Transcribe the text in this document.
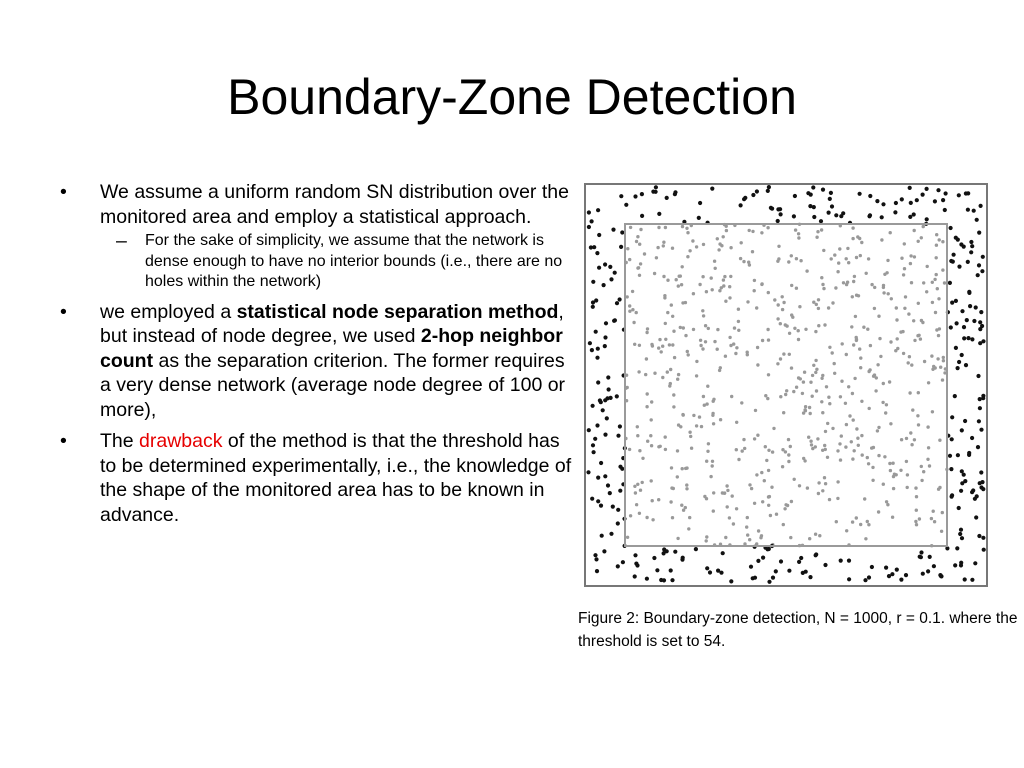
Boundary-Zone Detection
• We assume a uniform random SN distribution over the monitored area and employ a statistical approach.
– For the sake of simplicity, we assume that the network is dense enough to have no interior bounds (i.e., there are no holes within the network)
• we employed a statistical node separation method, but instead of node degree, we used 2-hop neighbor count as the separation criterion. The former requires a very dense network (average node degree of 100 or more),
• The drawback of the method is that the threshold has to be determined experimentally, i.e., the knowledge of the shape of the monitored area has to be known in advance.
Figure 2: Boundary-zone detection, N = 1000, r = 0.1. where the threshold is set to 54.
